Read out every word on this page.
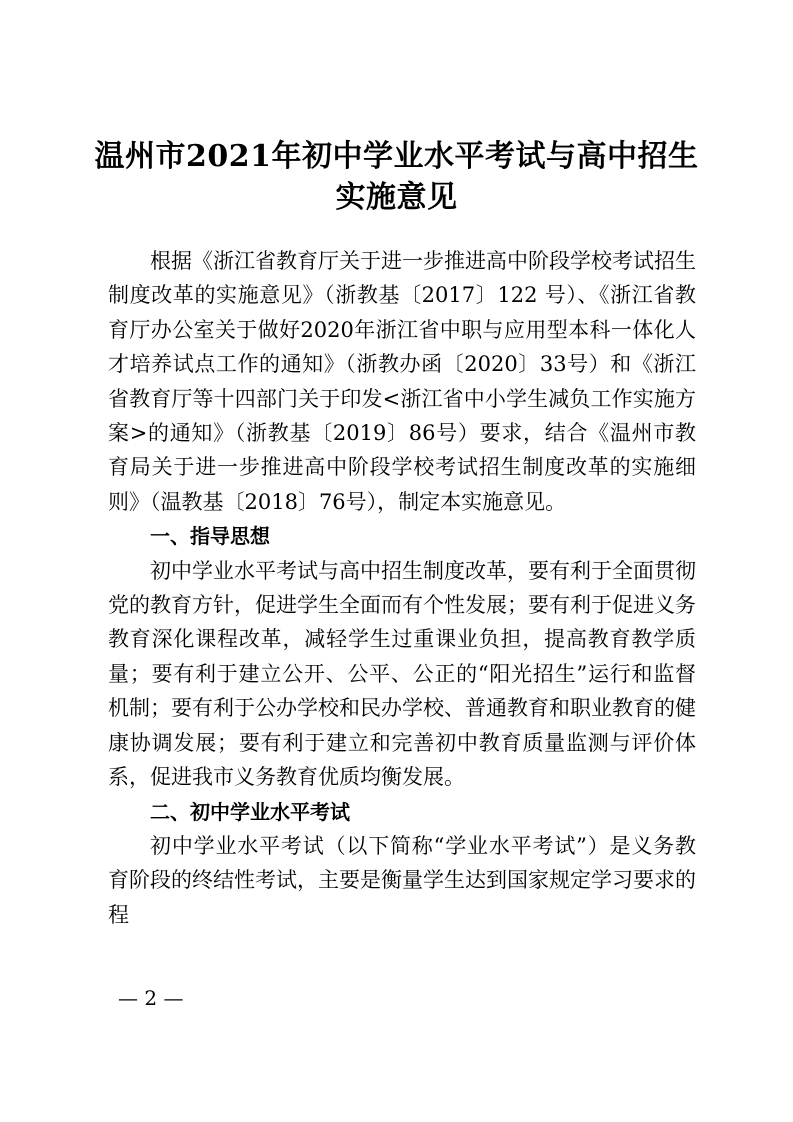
温州市2021年初中学业水平考试与高中招生
实施意见

根据《浙江省教育厅关于进一步推进高中阶段学校考试招生制度改革的实施意见》（浙教基〔2017〕122 号）、《浙江省教育厅办公室关于做好2020年浙江省中职与应用型本科一体化人才培养试点工作的通知》（浙教办函〔2020〕33号）和《浙江省教育厅等十四部门关于印发<浙江省中小学生减负工作实施方案>的通知》（浙教基〔2019〕86号）要求，结合《温州市教育局关于进一步推进高中阶段学校考试招生制度改革的实施细则》（温教基〔2018〕76号），制定本实施意见。

一、指导思想

初中学业水平考试与高中招生制度改革，要有利于全面贯彻党的教育方针，促进学生全面而有个性发展；要有利于促进义务教育深化课程改革，减轻学生过重课业负担，提高教育教学质量；要有利于建立公开、公平、公正的“阳光招生”运行和监督机制；要有利于公办学校和民办学校、普通教育和职业教育的健康协调发展；要有利于建立和完善初中教育质量监测与评价体系，促进我市义务教育优质均衡发展。

二、初中学业水平考试

初中学业水平考试（以下简称“学业水平考试”）是义务教育阶段的终结性考试，主要是衡量学生达到国家规定学习要求的程

— 2 —
